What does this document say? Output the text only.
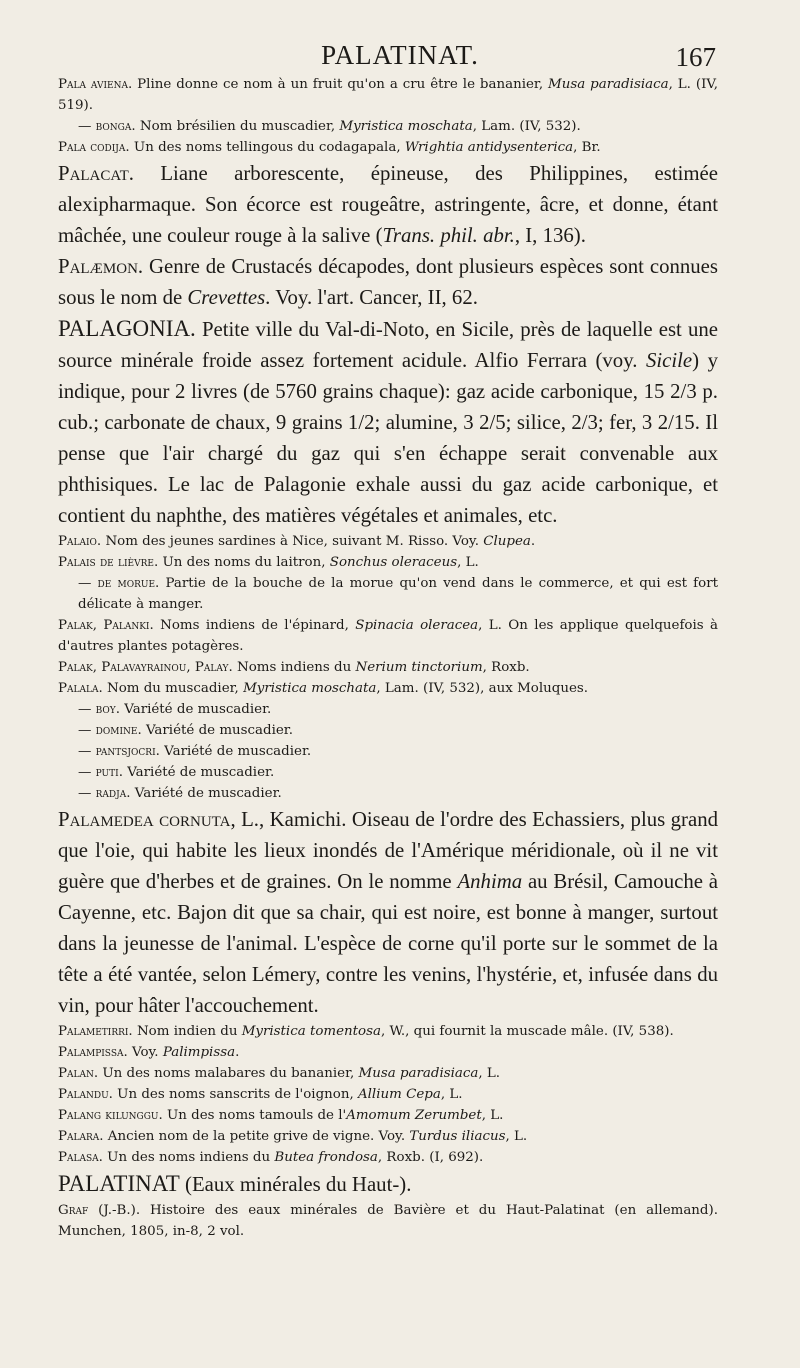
PALATINAT.	167

Pala aviena. Pline donne ce nom à un fruit qu'on a cru être le bananier, Musa paradisiaca, L. (IV, 519).

— bonga. Nom brésilien du muscadier, Myristica moschata, Lam. (IV, 532).

Pala codija. Un des noms tellingous du codagapala, Wrightia antidysenterica, Br.

Palacat. Liane arborescente, épineuse, des Philippines, estimée alexipharmaque. Son écorce est rougeâtre, astringente, âcre, et donne, étant mâchée, une couleur rouge à la salive (Trans. phil. abr., I, 136).

Palæmon. Genre de Crustacés décapodes, dont plusieurs espèces sont connues sous le nom de Crevettes. Voy. l'art. Cancer, II, 62.

PALAGONIA. Petite ville du Val-di-Noto, en Sicile, près de laquelle est une source minérale froide assez fortement acidule. Alfio Ferrara (voy. Sicile) y indique, pour 2 livres (de 5760 grains chaque): gaz acide carbonique, 15 2/3 p. cub.; carbonate de chaux, 9 grains 1/2; alumine, 3 2/5; silice, 2/3; fer, 3 2/15. Il pense que l'air chargé du gaz qui s'en échappe serait convenable aux phthisiques. Le lac de Palagonie exhale aussi du gaz acide carbonique, et contient du naphthe, des matières végétales et animales, etc.

Palaio. Nom des jeunes sardines à Nice, suivant M. Risso. Voy. Clupea.

Palais de lièvre. Un des noms du laitron, Sonchus oleraceus, L.

— de morue. Partie de la bouche de la morue qu'on vend dans le commerce, et qui est fort délicate à manger.

Palak, Palanki. Noms indiens de l'épinard, Spinacia oleracea, L. On les applique quelquefois à d'autres plantes potagères.

Palak, Palavayrainou, Palay. Noms indiens du Nerium tinctorium, Roxb.

Palala. Nom du muscadier, Myristica moschata, Lam. (IV, 532), aux Moluques.

— boy. Variété de muscadier.

— domine. Variété de muscadier.

— pantsjocri. Variété de muscadier.

— puti. Variété de muscadier.

— radja. Variété de muscadier.

Palamedea cornuta, L., Kamichi. Oiseau de l'ordre des Echassiers, plus grand que l'oie, qui habite les lieux inondés de l'Amérique méridionale, où il ne vit guère que d'herbes et de graines. On le nomme Anhima au Brésil, Camouche à Cayenne, etc. Bajon dit que sa chair, qui est noire, est bonne à manger, surtout dans la jeunesse de l'animal. L'espèce de corne qu'il porte sur le sommet de la tête a été vantée, selon Lémery, contre les venins, l'hystérie, et, infusée dans du vin, pour hâter l'accouchement.

Palametirri. Nom indien du Myristica tomentosa, W., qui fournit la muscade mâle. (IV, 538).

Palampissa. Voy. Palimpissa.

Palan. Un des noms malabares du bananier, Musa paradisiaca, L.

Palandu. Un des noms sanscrits de l'oignon, Allium Cepa, L.

Palang kilunggu. Un des noms tamouls de l'Amomum Zerumbet, L.

Palara. Ancien nom de la petite grive de vigne. Voy. Turdus iliacus, L.

Palasa. Un des noms indiens du Butea frondosa, Roxb. (I, 692).

PALATINAT (Eaux minérales du Haut-).

Graf (J.-B.). Histoire des eaux minérales de Bavière et du Haut-Palatinat (en allemand). Munchen, 1805, in-8, 2 vol.
